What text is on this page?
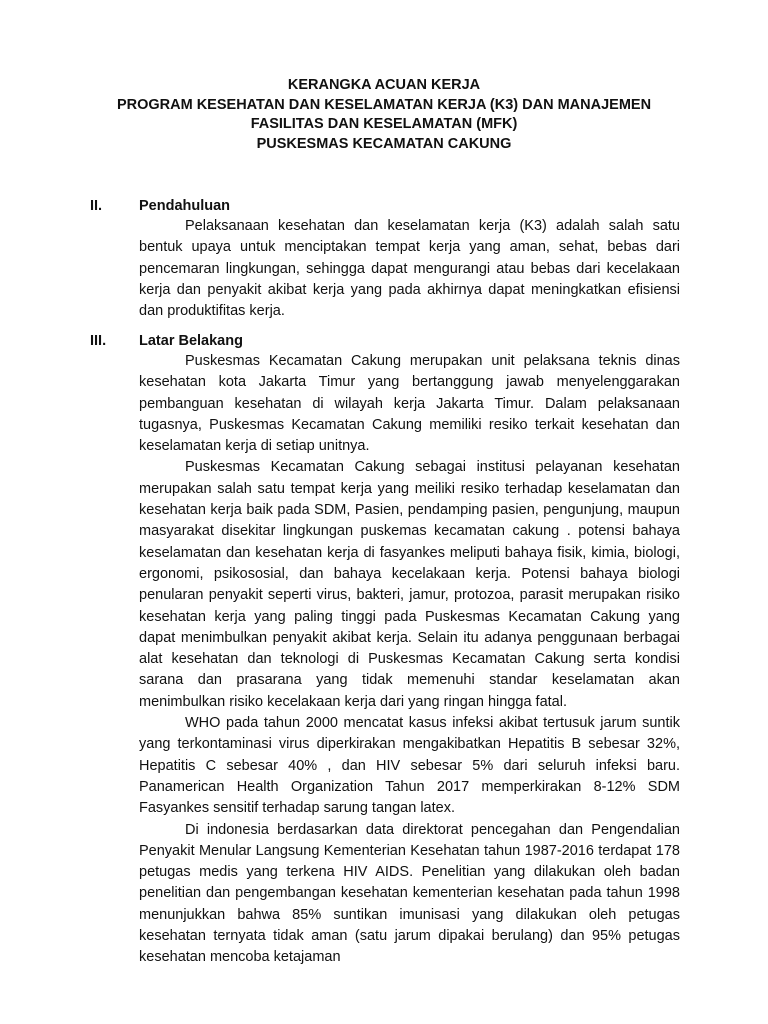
KERANGKA ACUAN KERJA
PROGRAM KESEHATAN DAN KESELAMATAN KERJA (K3) DAN MANAJEMEN
FASILITAS DAN KESELAMATAN (MFK)
PUSKESMAS KECAMATAN CAKUNG
II.	Pendahuluan

Pelaksanaan kesehatan dan keselamatan kerja (K3) adalah salah satu bentuk upaya untuk menciptakan tempat kerja yang aman, sehat, bebas dari pencemaran lingkungan, sehingga dapat mengurangi atau bebas dari kecelakaan kerja dan penyakit akibat kerja yang pada akhirnya dapat meningkatkan efisiensi dan produktifitas kerja.

III. Latar Belakang

Puskesmas Kecamatan Cakung merupakan unit pelaksana teknis dinas kesehatan kota Jakarta Timur yang bertanggung jawab menyelenggarakan pembanguan kesehatan di wilayah kerja Jakarta Timur. Dalam pelaksanaan tugasnya, Puskesmas Kecamatan Cakung memiliki resiko terkait kesehatan dan keselamatan kerja di setiap unitnya.

Puskesmas Kecamatan Cakung sebagai institusi pelayanan kesehatan merupakan salah satu tempat kerja yang meiliki resiko terhadap keselamatan dan kesehatan kerja baik pada SDM, Pasien, pendamping pasien, pengunjung, maupun masyarakat disekitar lingkungan puskemas kecamatan cakung . potensi bahaya keselamatan dan kesehatan kerja di fasyankes meliputi bahaya fisik, kimia, biologi, ergonomi, psikososial, dan bahaya kecelakaan kerja. Potensi bahaya biologi penularan penyakit seperti virus, bakteri, jamur, protozoa, parasit merupakan risiko kesehatan kerja yang paling tinggi pada Puskesmas Kecamatan Cakung yang dapat menimbulkan penyakit akibat kerja. Selain itu adanya penggunaan berbagai alat kesehatan dan teknologi di Puskesmas Kecamatan Cakung serta kondisi sarana dan prasarana yang tidak memenuhi standar keselamatan akan menimbulkan risiko kecelakaan kerja dari yang ringan hingga fatal.

WHO pada tahun 2000 mencatat kasus infeksi akibat tertusuk jarum suntik yang terkontaminasi virus diperkirakan mengakibatkan Hepatitis B sebesar 32%, Hepatitis C sebesar 40% , dan HIV sebesar 5% dari seluruh infeksi baru. Panamerican Health Organization Tahun 2017 memperkirakan 8-12% SDM Fasyankes sensitif terhadap sarung tangan latex.

Di indonesia berdasarkan data direktorat pencegahan dan Pengendalian Penyakit Menular Langsung Kementerian Kesehatan tahun 1987-2016 terdapat 178 petugas medis yang terkena HIV AIDS. Penelitian yang dilakukan oleh badan penelitian dan pengembangan kesehatan kementerian kesehatan pada tahun 1998 menunjukkan bahwa 85% suntikan imunisasi yang dilakukan oleh petugas kesehatan ternyata tidak aman (satu jarum dipakai berulang) dan 95% petugas kesehatan mencoba ketajaman
